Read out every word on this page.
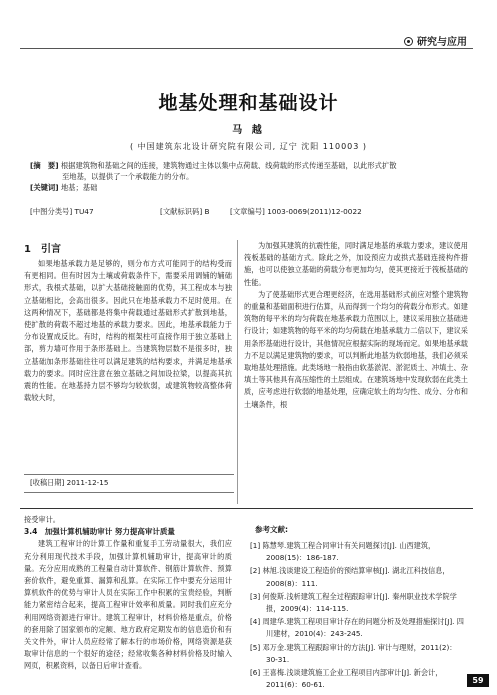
研究与应用
地基处理和基础设计
马 越
( 中国建筑东北设计研究院有限公司, 辽宁 沈阳 110003 )

[摘　要] 根据建筑物和基础之间的连接，建筑物通过主体以集中点荷载、线荷载的形式传递至基础，以此形式扩散

至地基，以提供了一个承载能力的分布。

[关键词] 地基；基础

[中图分类号] TU47	[文献标识码] B	[文章编号] 1003-0069(2011)12-0022
1　引言

如果地基承载力是足够的，则分布方式可能同于的结构受而有更相同。但有时因为土壤或荷载条件下，需要采用调铺的辅础形式，我根式基础，以扩大基础接触面的优势，其工程成本与独立基础相比，会高出很多。因此只在地基承载力不足时使用。在这两种情况下，基础都是将集中荷载通过基础形式扩散到地基，使扩散的荷载不超过地基的承载力要求。因此，地基承载能力于分布设置成反比。有时，结构的框架柱可直接作用于独立基础上部，剪力墙可作用于条形基础上。当建筑物层数不是很多时，独立基础加条形基础往往可以满足建筑的结构要求，并满足地基承载力的要求。同时应注意在独立基础之间加设拉梁，以提高其抗震的性能。在地基持力层不够均匀较软弱，或建筑物较高整体荷载较大时，

[收稿日期] 2011-12-15

为加强其建筑的抗震性能，同时满足地基的承载力要求，建议使用筏板基础的基础方式。除此之外，加设预应力或拱式基础连接构件措施，也可以使独立基础的荷载分布更加均匀，使其更接近于筏板基础的性能。

为了使基础形式更合理更经济，在选用基础形式前应对整个建筑物的重量和基础面积进行估算，从而得到一个均匀的荷载分布形式。如建筑物的每平米的均匀荷载在地基承载力范围以上，建议采用独立基础进行设计；如建筑物的每平米的均匀荷载在地基承载力二倍以下，建议采用条形基础进行设计，其他情况应根据实际的现场而定。如果地基承载力不足以满足建筑物的要求，可以判断此地基为软弱地基，我们必须采取地基处理措施。此类场地一般指由软基淤泥、淤泥质土、冲填土、杂填土等其他具有高压缩性的土层组成。在建筑场地中发现软弱在此类土质，应考虑进行软弱的地基处理，应确定软土的均匀性、成分、分布和土壤条件，根

接受审计。
3.4　加强计算机辅助审计 努力提高审计质量

建筑工程审计的计算工作量和重复手工劳动量很大，我们应充分利用现代技术手段，加强计算机辅助审计，提高审计的质量。充分应用成熟的工程量自动计算软件、钢筋计算软件、预算套价软件，避免重算、漏算和乱算。在实际工作中要充分运用计算机软件的优势与审计人员在实际工作中积累的宝贵经验，判断能力紧密结合起来，提高工程审计效率和质量。同时我们应充分利用网络资源进行审计。建筑工程审计，材料价格是重点，价格的套用除了国家颁布的定额、地方政府定期发布的信息造价和有关文件外，审计人员应经常了解本行的市场价格，网络资源是获取审计信息的一个很好的途径；经常收集各种材料价格及时输入网页，积累资料，以备日后审计查看。

参考文献:
[1] 陈慧琴.建筑工程合同审计有关问题探讨[J]. 山西建筑，2008(15)：186-187.
[2] 林旭.浅谈建设工程造价的预结算审核[J]. 湖北江科技信息，2008(8)：111.
[3] 何俊斯.浅析建筑工程全过程跟踪审计[J]. 秦州职业技术学院学报，2009(4)：114-115.
[4] 周建华.建筑工程项目审计存在的问题分析及处理措施探讨[J]. 四川建材，2010(4)：243-245.
[5] 邓万金.建筑工程跟踪审计的方法[J]. 审计与理财，2011(2)：30-31.
[6] 王喜梅.浅谈建筑施工企业工程项目内部审计[J]. 新会计，2011(6)：60-61.	59
